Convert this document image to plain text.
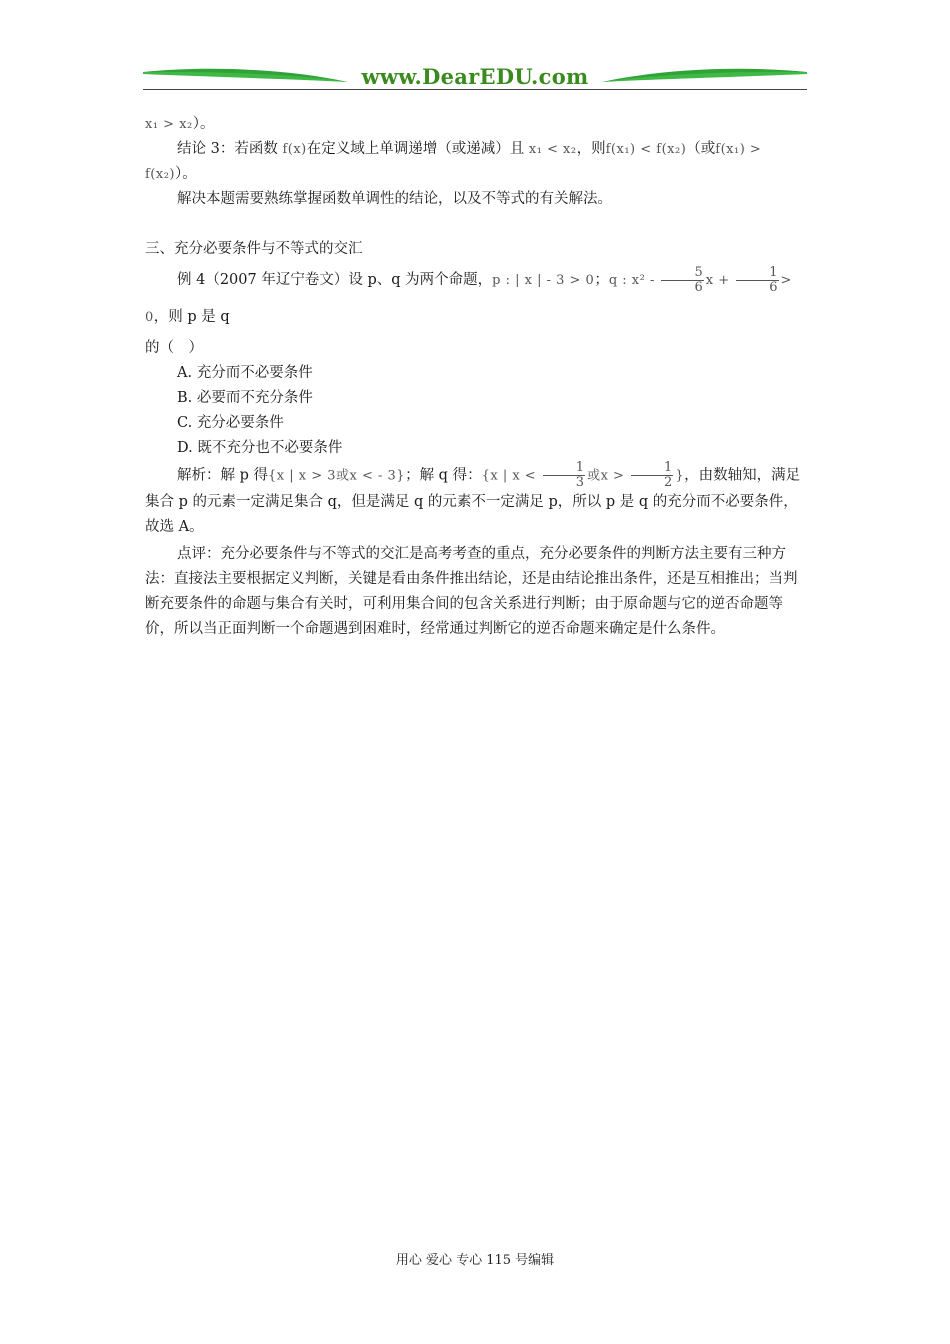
www.DearEDU.com

x₁ > x₂）。

结论 3：若函数 f(x)在定义域上单调递增（或递减）且 x₁ < x₂，则f(x₁) < f(x₂)（或f(x₁) > f(x₂)）。

解决本题需要熟练掌握函数单调性的结论，以及不等式的有关解法。

三、充分必要条件与不等式的交汇

例 4（2007 年辽宁卷文）设 p、q 为两个命题，p : | x | - 3 > 0；q : $x^2 - \frac{5}{6}$ $x + \frac{1}{6} > 0$，则 p 是 q

的（　）

A. 充分而不必要条件

B. 必要而不充分条件

C. 充分必要条件

D. 既不充分也不必要条件

解析：解 p 得{x | x > 3或x < - 3}；解 q 得：{x | $x < \frac{1}{3}$ 或$x > \frac{1}{2}$ }，由数轴知，满足集合 p 的元素一定满足集合 q，但是满足 q 的元素不一定满足 p，所以 p 是 q 的充分而不必要条件，故选 A。

点评：充分必要条件与不等式的交汇是高考考查的重点，充分必要条件的判断方法主要有三种方法：直接法主要根据定义判断，关键是看由条件推出结论，还是由结论推出条件，还是互相推出；当判断充要条件的命题与集合有关时，可利用集合间的包含关系进行判断；由于原命题与它的逆否命题等价，所以当正面判断一个命题遇到困难时，经常通过判断它的逆否命题来确定是什么条件。

用心 爱心 专心 115 号编辑
